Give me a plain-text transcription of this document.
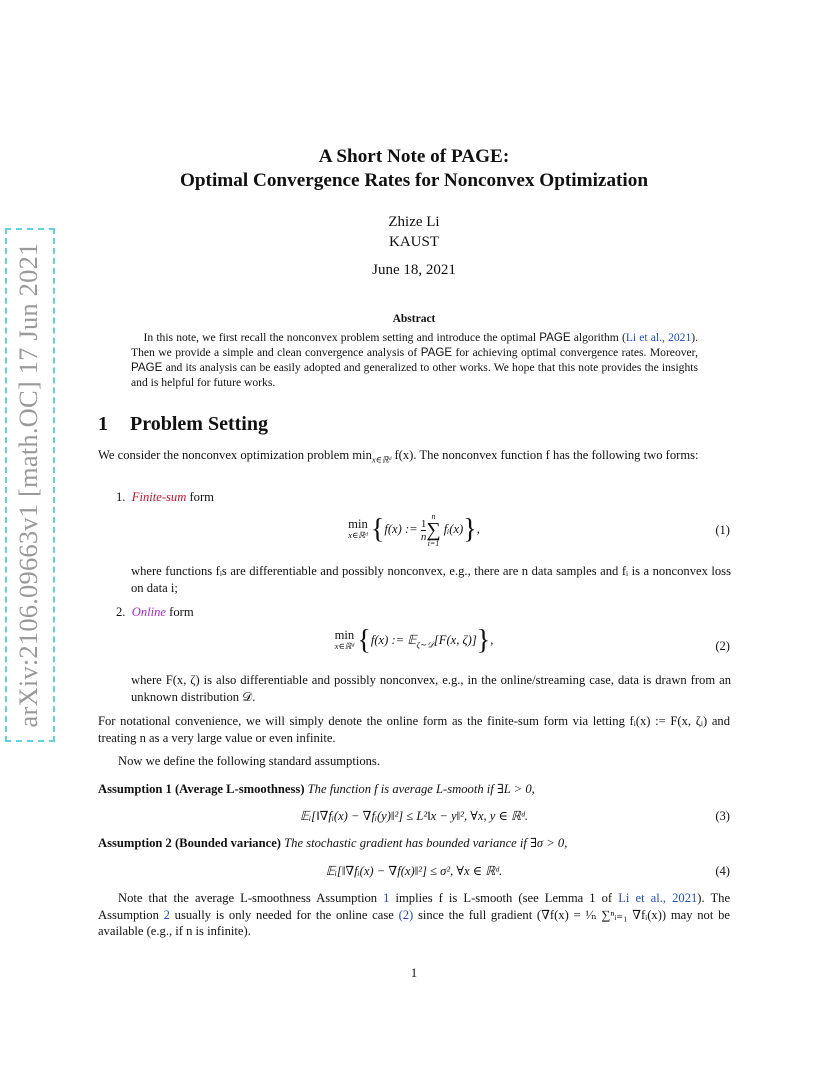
arXiv:2106.09663v1 [math.OC] 17 Jun 2021
A Short Note of PAGE:
Optimal Convergence Rates for Nonconvex Optimization
Zhize Li
KAUST
June 18, 2021
Abstract
In this note, we first recall the nonconvex problem setting and introduce the optimal PAGE algorithm (Li et al., 2021). Then we provide a simple and clean convergence analysis of PAGE for achieving optimal convergence rates. Moreover, PAGE and its analysis can be easily adopted and generalized to other works. We hope that this note provides the insights and is helpful for future works.
1 Problem Setting
We consider the nonconvex optimization problem $\min_{x\in ℝᵈ} f(x)$. The nonconvex function f has the following two forms:
1. Finite-sum form
min
x∈ℝᵈ {f(x) := $\frac{1}{n}$
n
∑
i=1 fᵢ(x)},	(1)
where functions fᵢs are differentiable and possibly nonconvex, e.g., there are n data samples and fᵢ is a nonconvex loss on data i;
2. Online form
min
x∈ℝᵈ {f(x) := 𝔼$_{\zeta\sim 𝒟}$[F(x, ζ)]},	(2)
where F(x, ζ) is also differentiable and possibly nonconvex, e.g., in the online/streaming case, data is drawn from an unknown distribution 𝒟.
For notational convenience, we will simply denote the online form as the finite-sum form via letting fᵢ(x) := F(x, ζᵢ) and treating n as a very large value or even infinite.
Now we define the following standard assumptions.
Assumption 1 (Average L-smoothness) The function f is average L-smooth if ∃L > 0,
𝔼ᵢ[‖∇fᵢ(x) − ∇fᵢ(y)‖²] ≤ L²‖x − y‖², ∀x, y ∈ ℝᵈ.	(3)
Assumption 2 (Bounded variance) The stochastic gradient has bounded variance if ∃σ > 0,
𝔼ᵢ[‖∇fᵢ(x) − ∇f(x)‖²] ≤ σ², ∀x ∈ ℝᵈ.	(4)
Note that the average L-smoothness Assumption 1 implies f is L-smooth (see Lemma 1 of Li et al., 2021). The Assumption 2 usually is only needed for the online case (2) since the full gradient (∇f(x) = ¹⁄ₙ ∑ⁿᵢ₌₁ ∇fᵢ(x)) may not be available (e.g., if n is infinite).
1
